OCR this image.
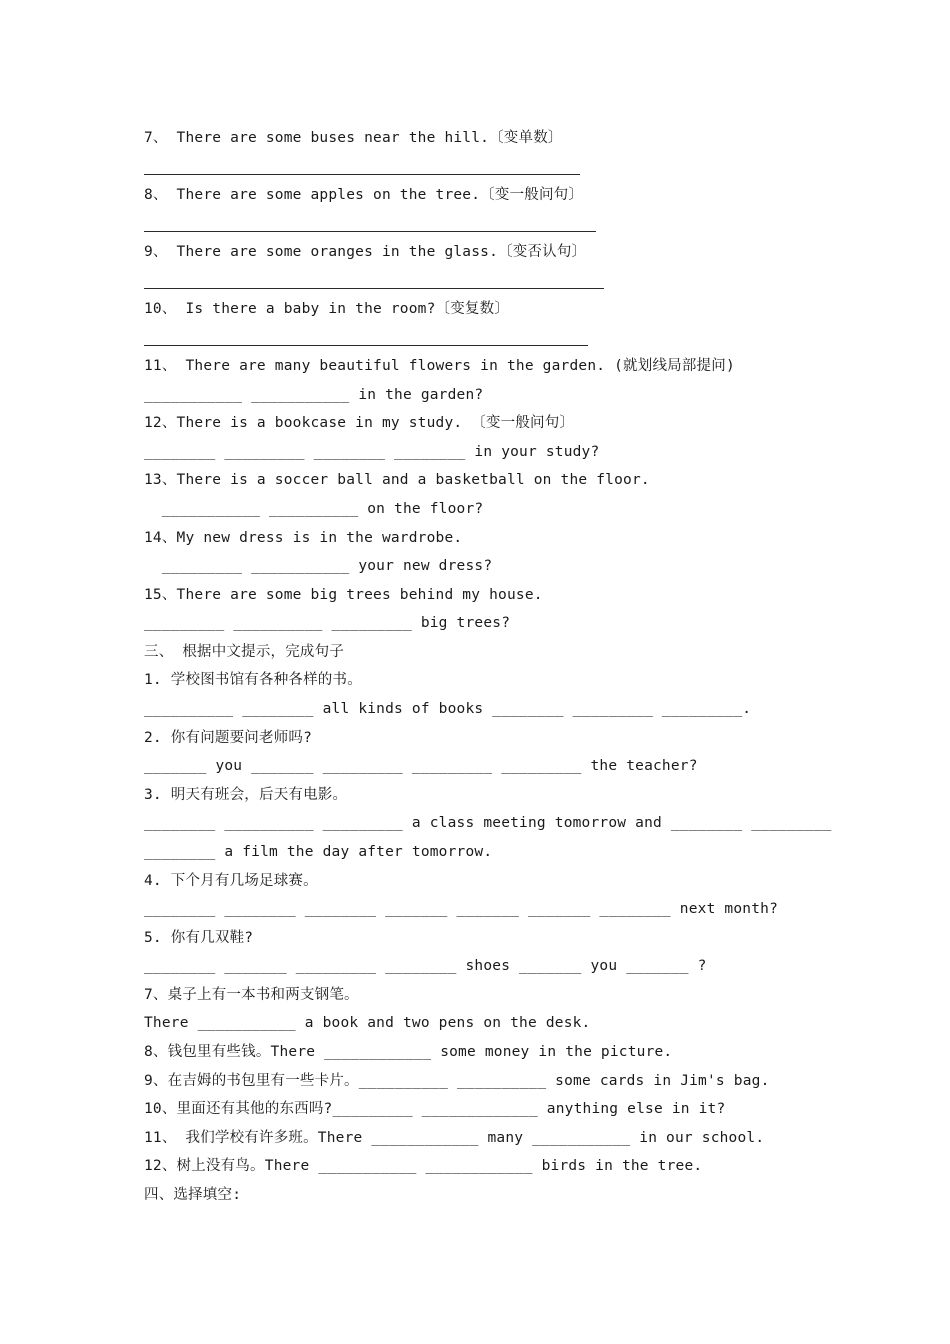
7、 There are some buses near the hill.〔变单数〕
8、 There are some apples on the tree.〔变一般问句〕
9、 There are some oranges in the glass.〔变否认句〕
10、 Is there a baby in the room?〔变复数〕
11、 There are many beautiful flowers in the garden. (就划线局部提问)
___________ ___________ in the garden?
12、There is a bookcase in my study. 〔变一般问句〕
________ _________ ________ ________ in your study?
13、There is a soccer ball and a basketball on the floor.
___________ __________ on the floor?
14、My new dress is in the wardrobe.
_________ ___________ your new dress?
15、There are some big trees behind my house.
_________ __________ _________ big trees?
三、 根据中文提示，完成句子
1. 学校图书馆有各种各样的书。
__________ ________ all kinds of books ________ _________ _________.
2. 你有问题要问老师吗?
_______ you _______ _________ _________ _________ the teacher?
3. 明天有班会，后天有电影。
________ __________ _________ a class meeting tomorrow and ________ _________
________ a film the day after tomorrow.
4. 下个月有几场足球赛。
________ ________ ________ _______ _______ _______ ________ next month?
5. 你有几双鞋?
________ _______ _________ ________ shoes _______ you _______ ?
7、桌子上有一本书和两支钢笔。
There ___________ a book and two pens on the desk.
8、钱包里有些钱。There ____________ some money in the picture.
9、在吉姆的书包里有一些卡片。__________ __________ some cards in Jim's bag.
10、里面还有其他的东西吗?_________ _____________ anything else in it?
11、 我们学校有许多班。There ____________ many ___________ in our school.
12、树上没有鸟。There ___________ ____________ birds in the tree.
四、选择填空:
